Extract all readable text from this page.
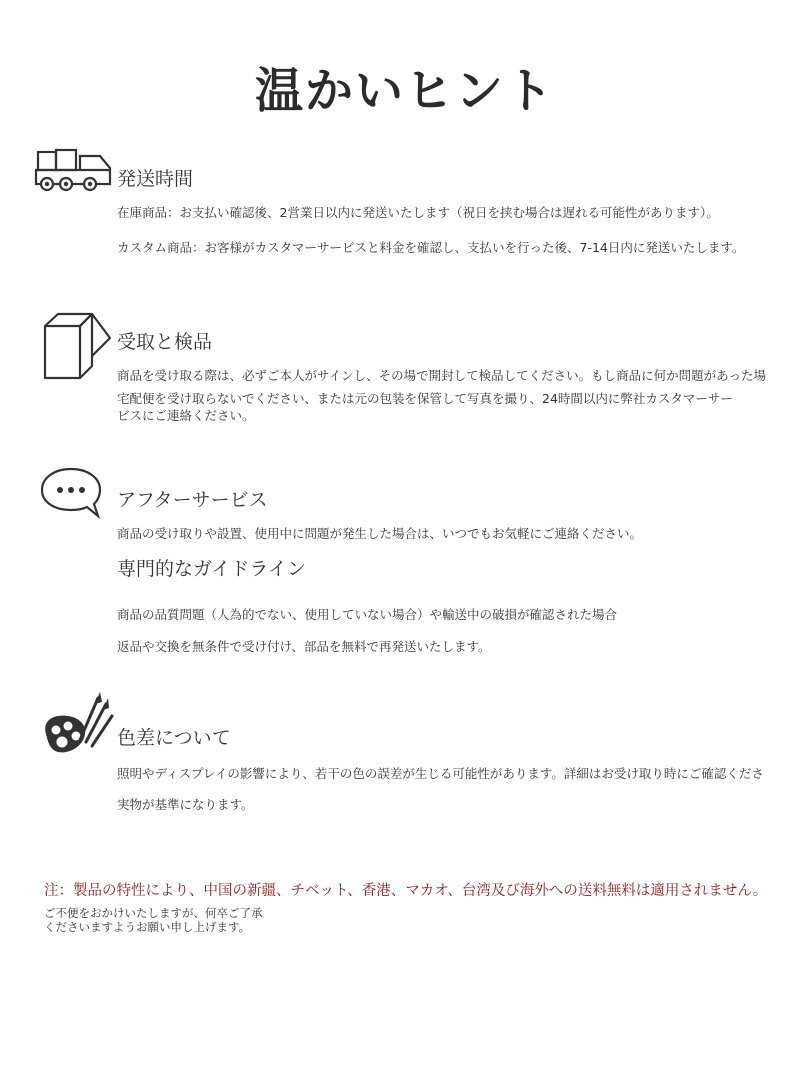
温かいヒント
発送時間
在庫商品：お支払い確認後、2営業日以内に発送いたします（祝日を挟む場合は遅れる可能性があります）。
カスタム商品：お客様がカスタマーサービスと料金を確認し、支払いを行った後、7-14日内に発送いたします。
受取と検品
商品を受け取る際は、必ずご本人がサインし、その場で開封して検品してください。もし商品に何か問題があった場
宅配便を受け取らないでください、または元の包装を保管して写真を撮り、24時間以内に弊社カスタマーサー
ビスにご連絡ください。
アフターサービス
商品の受け取りや設置、使用中に問題が発生した場合は、いつでもお気軽にご連絡ください。
専門的なガイドライン
商品の品質問題（人為的でない、使用していない場合）や輸送中の破損が確認された場合
返品や交換を無条件で受け付け、部品を無料で再発送いたします。
色差について
照明やディスプレイの影響により、若干の色の誤差が生じる可能性があります。詳細はお受け取り時にご確認くださ
実物が基準になります。
注：製品の特性により、中国の新疆、チベット、香港、マカオ、台湾及び海外への送料無料は適用されません。
ご不便をおかけいたしますが、何卒ご了承
くださいますようお願い申し上げます。
